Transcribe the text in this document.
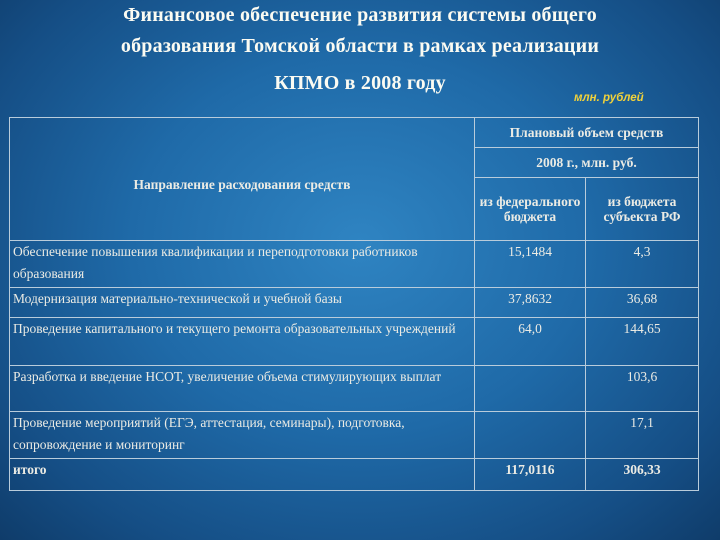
Финансовое обеспечение развития системы общего
образования Томской области в рамках реализации
КПМО в 2008 году
млн. рублей
Направление расходования средств	Плановый объем средств	
	2008 г., млн. руб.	
	из федерального бюджета	из бюджета субъекта РФ
Обеспечение повышения квалификации и переподготовки работников образования	15,1484	4,3
Модернизация материально-технической и учебной базы	37,8632	36,68
Проведение капитального и текущего ремонта образовательных учреждений	64,0	144,65
Разработка и введение НСОТ, увеличение объема стимулирующих выплат		103,6
Проведение мероприятий (ЕГЭ, аттестация, семинары), подготовка, сопровождение и мониторинг		17,1
итого	117,0116	306,33
